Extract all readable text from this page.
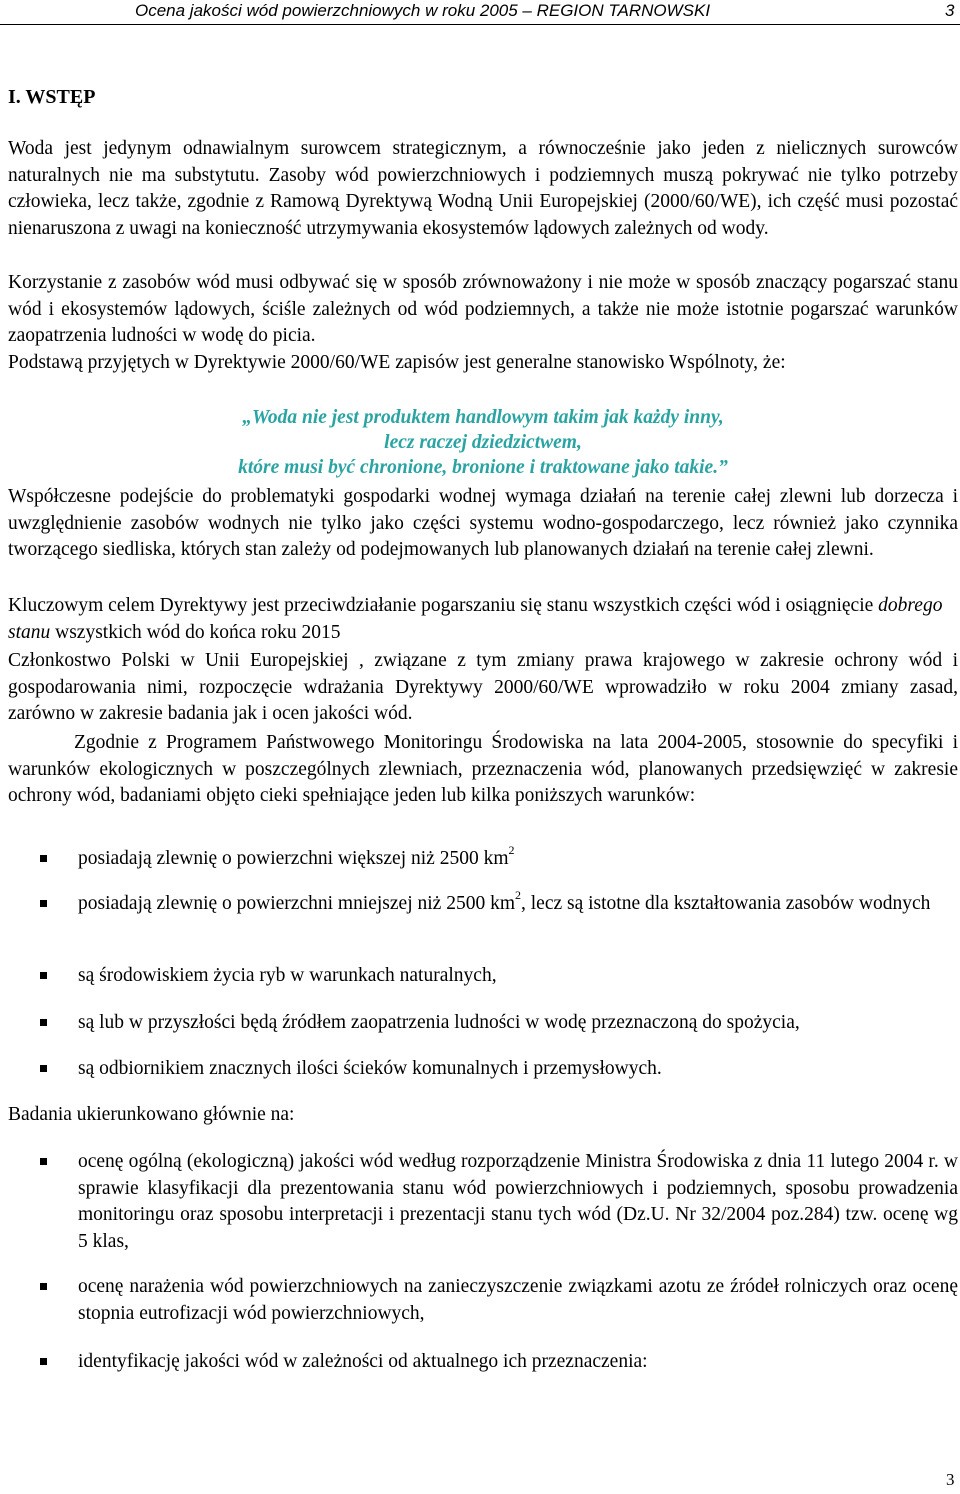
Ocena jakości wód powierzchniowych w roku 2005 – REGION TARNOWSKI	3
I. WSTĘP

Woda jest jedynym odnawialnym surowcem strategicznym, a równocześnie jako jeden z nielicznych surowców naturalnych nie ma substytutu. Zasoby wód powierzchniowych i podziemnych muszą pokrywać nie tylko potrzeby człowieka, lecz także, zgodnie z Ramową Dyrektywą Wodną Unii Europejskiej (2000/60/WE), ich część musi pozostać nienaruszona z uwagi na konieczność utrzymywania ekosystemów lądowych zależnych od wody.

Korzystanie z zasobów wód musi odbywać się w sposób zrównoważony i nie może w sposób znaczący pogarszać stanu wód i ekosystemów lądowych, ściśle zależnych od wód podziemnych, a także nie może istotnie pogarszać warunków zaopatrzenia ludności w wodę do picia.

Podstawą przyjętych w Dyrektywie 2000/60/WE zapisów jest generalne stanowisko Wspólnoty, że:

„Woda nie jest produktem handlowym takim jak każdy inny,
lecz raczej dziedzictwem,
które musi być chronione, bronione i traktowane jako takie.”

Współczesne podejście do problematyki gospodarki wodnej wymaga działań na terenie całej zlewni lub dorzecza i uwzględnienie zasobów wodnych nie tylko jako części systemu wodno-gospodarczego, lecz również jako czynnika tworzącego siedliska, których stan zależy od podejmowanych lub planowanych działań na terenie całej zlewni.

Kluczowym celem Dyrektywy jest przeciwdziałanie pogarszaniu się stanu wszystkich części wód i osiągnięcie dobrego stanu wszystkich wód do końca roku 2015

Członkostwo Polski w Unii Europejskiej , związane z tym zmiany prawa krajowego w zakresie ochrony wód i gospodarowania nimi, rozpoczęcie wdrażania Dyrektywy 2000/60/WE wprowadziło w roku 2004 zmiany zasad, zarówno w zakresie badania jak i ocen jakości wód.

Zgodnie z Programem Państwowego Monitoringu Środowiska na lata 2004-2005, stosownie do specyfiki i warunków ekologicznych w poszczególnych zlewniach, przeznaczenia wód, planowanych przedsięwzięć w zakresie ochrony wód, badaniami objęto cieki spełniające jeden lub kilka poniższych warunków:

posiadają zlewnię o powierzchni większej niż 2500 $km^2$
posiadają zlewnię o powierzchni mniejszej niż 2500 $km^2$, lecz są istotne dla kształtowania zasobów wodnych
są środowiskiem życia ryb w warunkach naturalnych,
są lub w przyszłości będą źródłem zaopatrzenia ludności w wodę przeznaczoną do spożycia,
są odbiornikiem znacznych ilości ścieków komunalnych i przemysłowych.

Badania ukierunkowano głównie na:

ocenę ogólną (ekologiczną) jakości wód według rozporządzenie Ministra Środowiska z dnia 11 lutego 2004 r. w sprawie klasyfikacji dla prezentowania stanu wód powierzchniowych i podziemnych, sposobu prowadzenia monitoringu oraz sposobu interpretacji i prezentacji stanu tych wód (Dz.U. Nr 32/2004 poz.284) tzw. ocenę wg 5 klas,
ocenę narażenia wód powierzchniowych na zanieczyszczenie związkami azotu ze źródeł rolniczych oraz ocenę stopnia eutrofizacji wód powierzchniowych,
identyfikację jakości wód w zależności od aktualnego ich przeznaczenia:
3
